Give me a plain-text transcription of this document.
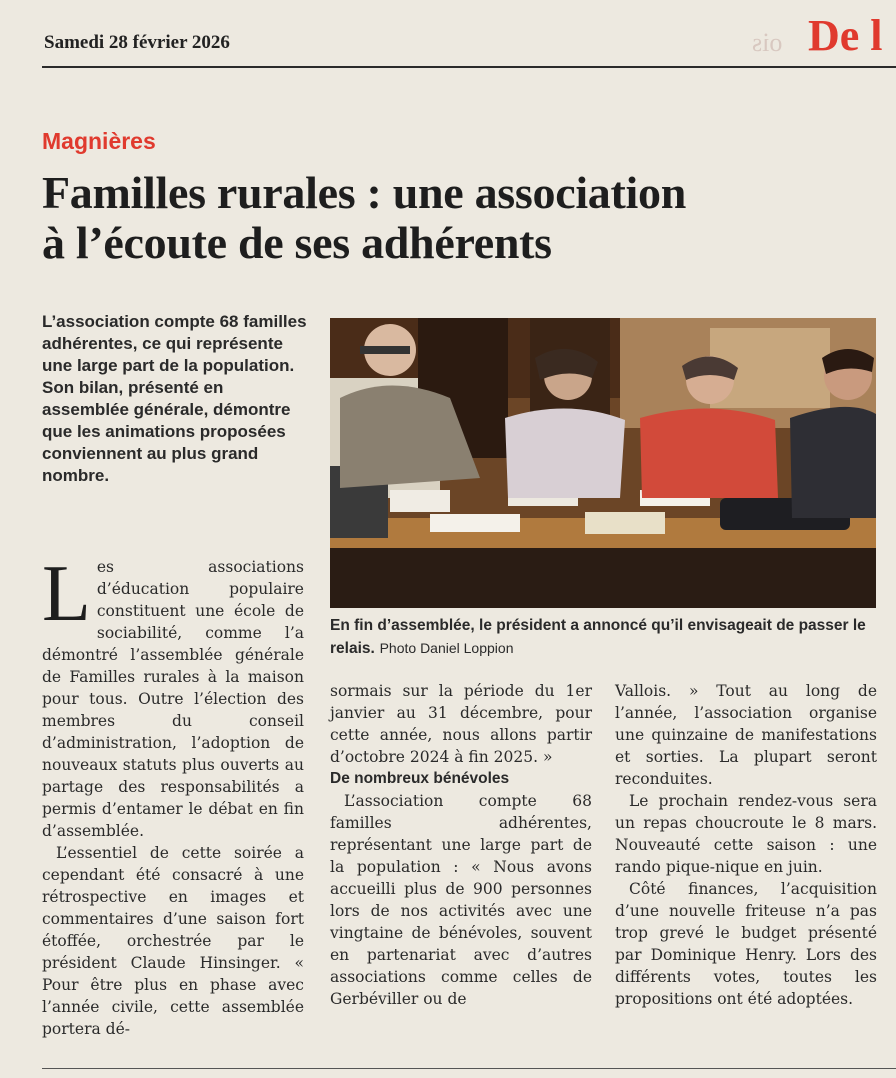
ois
Samedi 28 février 2026	De l
Magnières
Familles rurales : une association
à l’écoute de ses adhérents
L’association compte 68 familles adhérentes, ce qui représente une large part de la population. Son bilan, présenté en assemblée générale, démontre que les animations proposées conviennent au plus grand nombre.
En fin d’assemblée, le président a annoncé qu’il envisageait de passer le relais. Photo Daniel Loppion

Les associations d’éducation populaire constituent une école de sociabilité, comme l’a démontré l’assemblée générale de Familles rurales à la maison pour tous. Outre l’élection des membres du conseil d’administration, l’adoption de nouveaux statuts plus ouverts au partage des responsabilités a permis d’entamer le débat en fin d’assemblée.

L’essentiel de cette soirée a cependant été consacré à une rétrospective en images et commentaires d’une saison fort étoffée, orchestrée par le président Claude Hinsinger. « Pour être plus en phase avec l’année civile, cette assemblée portera dé-

sormais sur la période du 1er janvier au 31 décembre, pour cette année, nous allons partir d’octobre 2024 à fin 2025. »

De nombreux bénévoles

L’association compte 68 familles adhérentes, représentant une large part de la population : « Nous avons accueilli plus de 900 personnes lors de nos activités avec une vingtaine de bénévoles, souvent en partenariat avec d’autres associations comme celles de Gerbéviller ou de

Vallois. » Tout au long de l’année, l’association organise une quinzaine de manifestations et sorties. La plupart seront reconduites.

Le prochain rendez-vous sera un repas choucroute le 8 mars. Nouveauté cette saison : une rando pique-nique en juin.

Côté finances, l’acquisition d’une nouvelle friteuse n’a pas trop grevé le budget présenté par Dominique Henry. Lors des différents votes, toutes les propositions ont été adoptées.
